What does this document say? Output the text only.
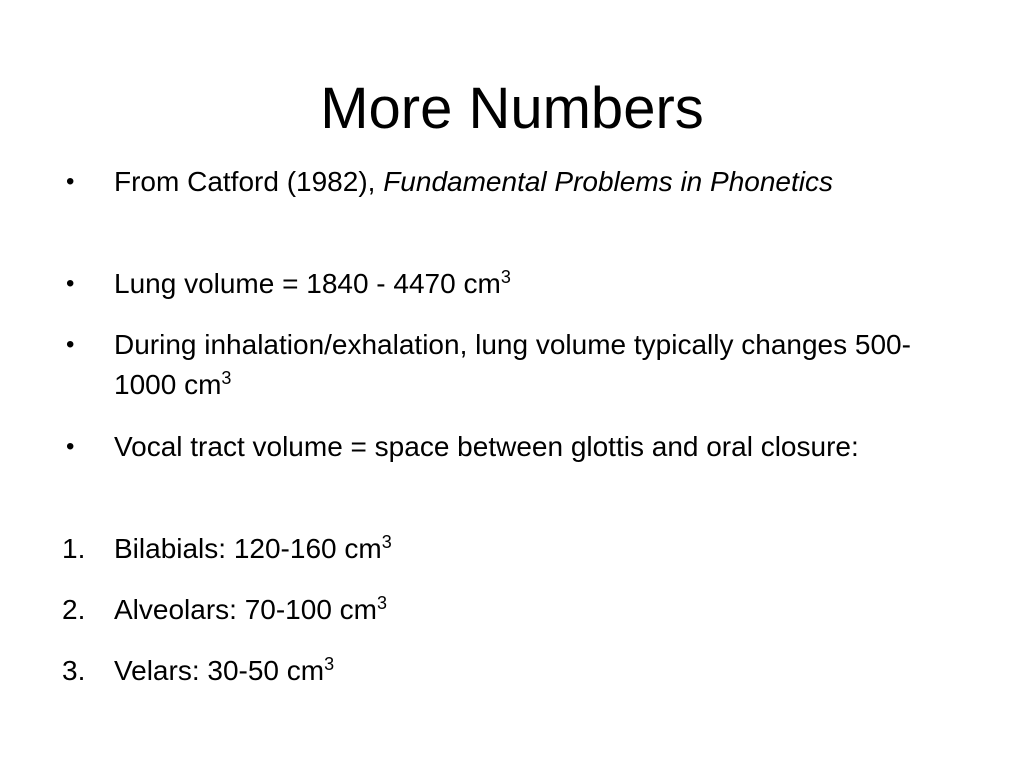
More Numbers
•	From Catford (1982), Fundamental Problems in Phonetics
•	Lung volume = 1840 - 4470 $cm^3$
•	During inhalation/exhalation, lung volume typically changes 500-1000 $cm^3$
•	Vocal tract volume = space between glottis and oral closure:
1.	Bilabials: 120-160 $cm^3$
2.	Alveolars: 70-100 $cm^3$
3.	Velars: 30-50 $cm^3$
